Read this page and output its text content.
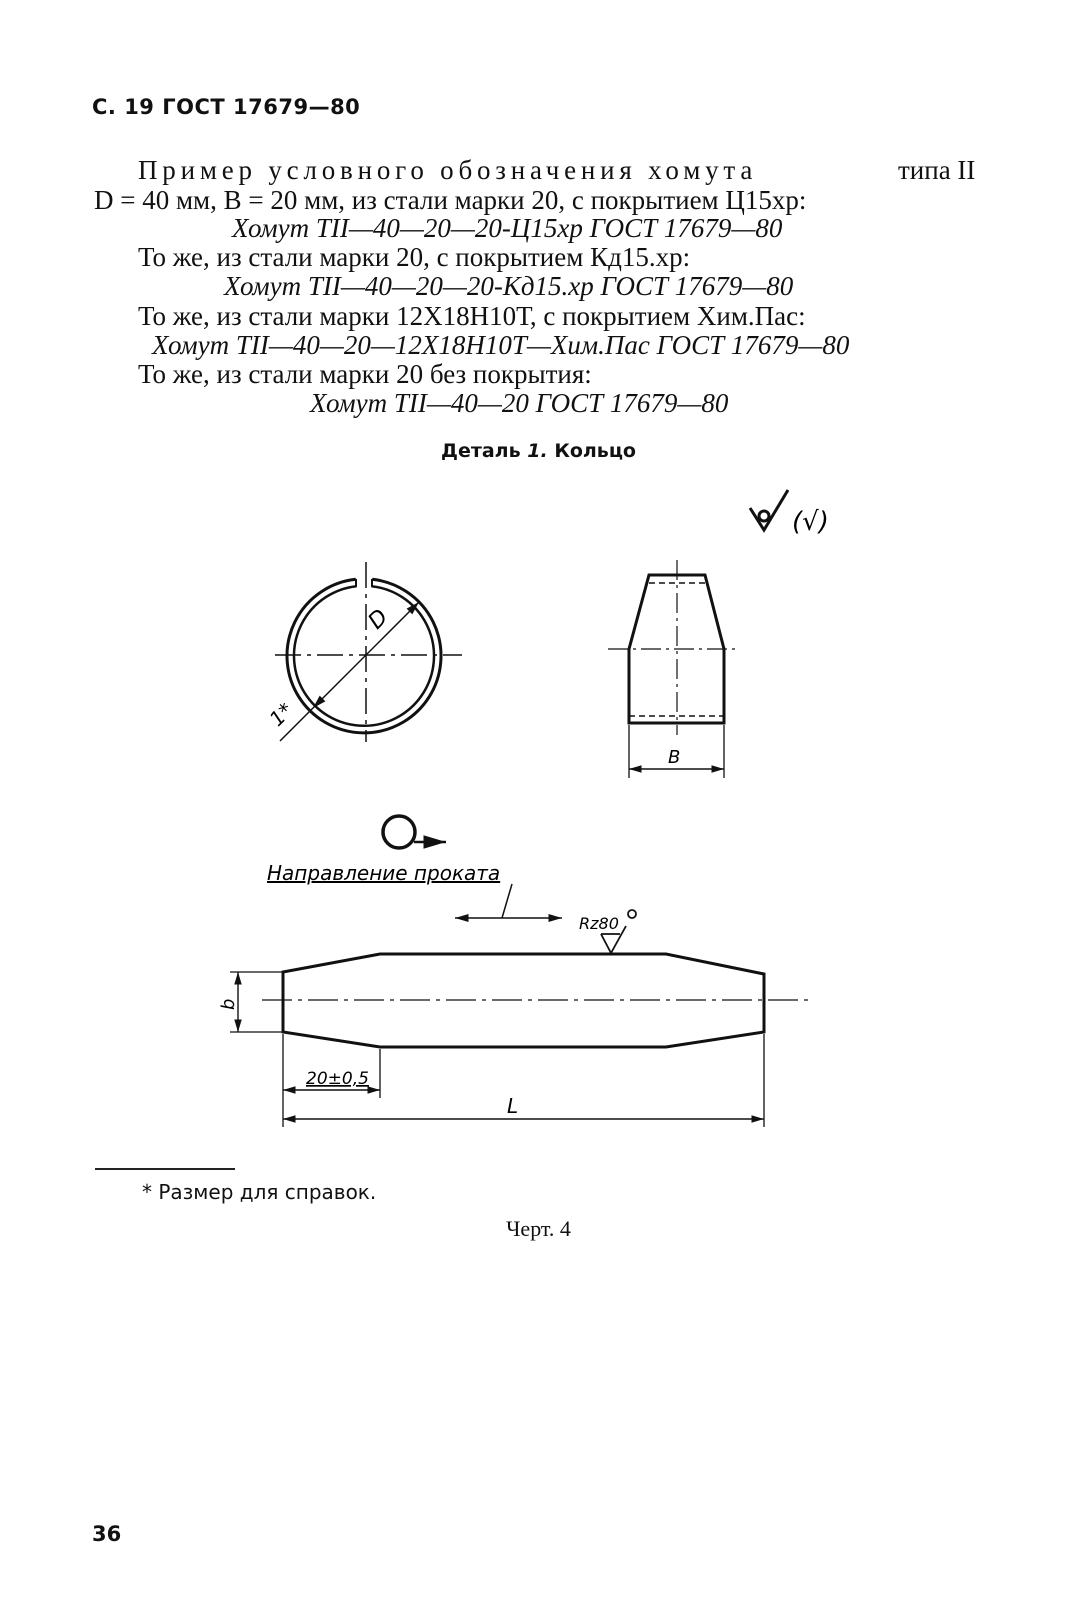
С. 19 ГОСТ 17679—80
Пример условного обозначения хомута	типа II
D = 40 мм, B = 20 мм, из стали марки 20, с покрытием Ц15хр:
Хомут ТII—40—20—20-Ц15хр ГОСТ 17679—80
То же, из стали марки 20, с покрытием Кд15.хр:
Хомут ТII—40—20—20-Кд15.хр ГОСТ 17679—80
То же, из стали марки 12Х18Н10Т, с покрытием Хим.Пас:
Хомут ТII—40—20—12Х18Н10Т—Хим.Пас ГОСТ 17679—80
То же, из стали марки 20 без покрытия:
Хомут ТII—40—20 ГОСТ 17679—80
Деталь 1. Кольцо
(√)
D
1*
B
Направление проката
Rz80
b
20±0,5
L
* Размер для справок.
Черт. 4
36
